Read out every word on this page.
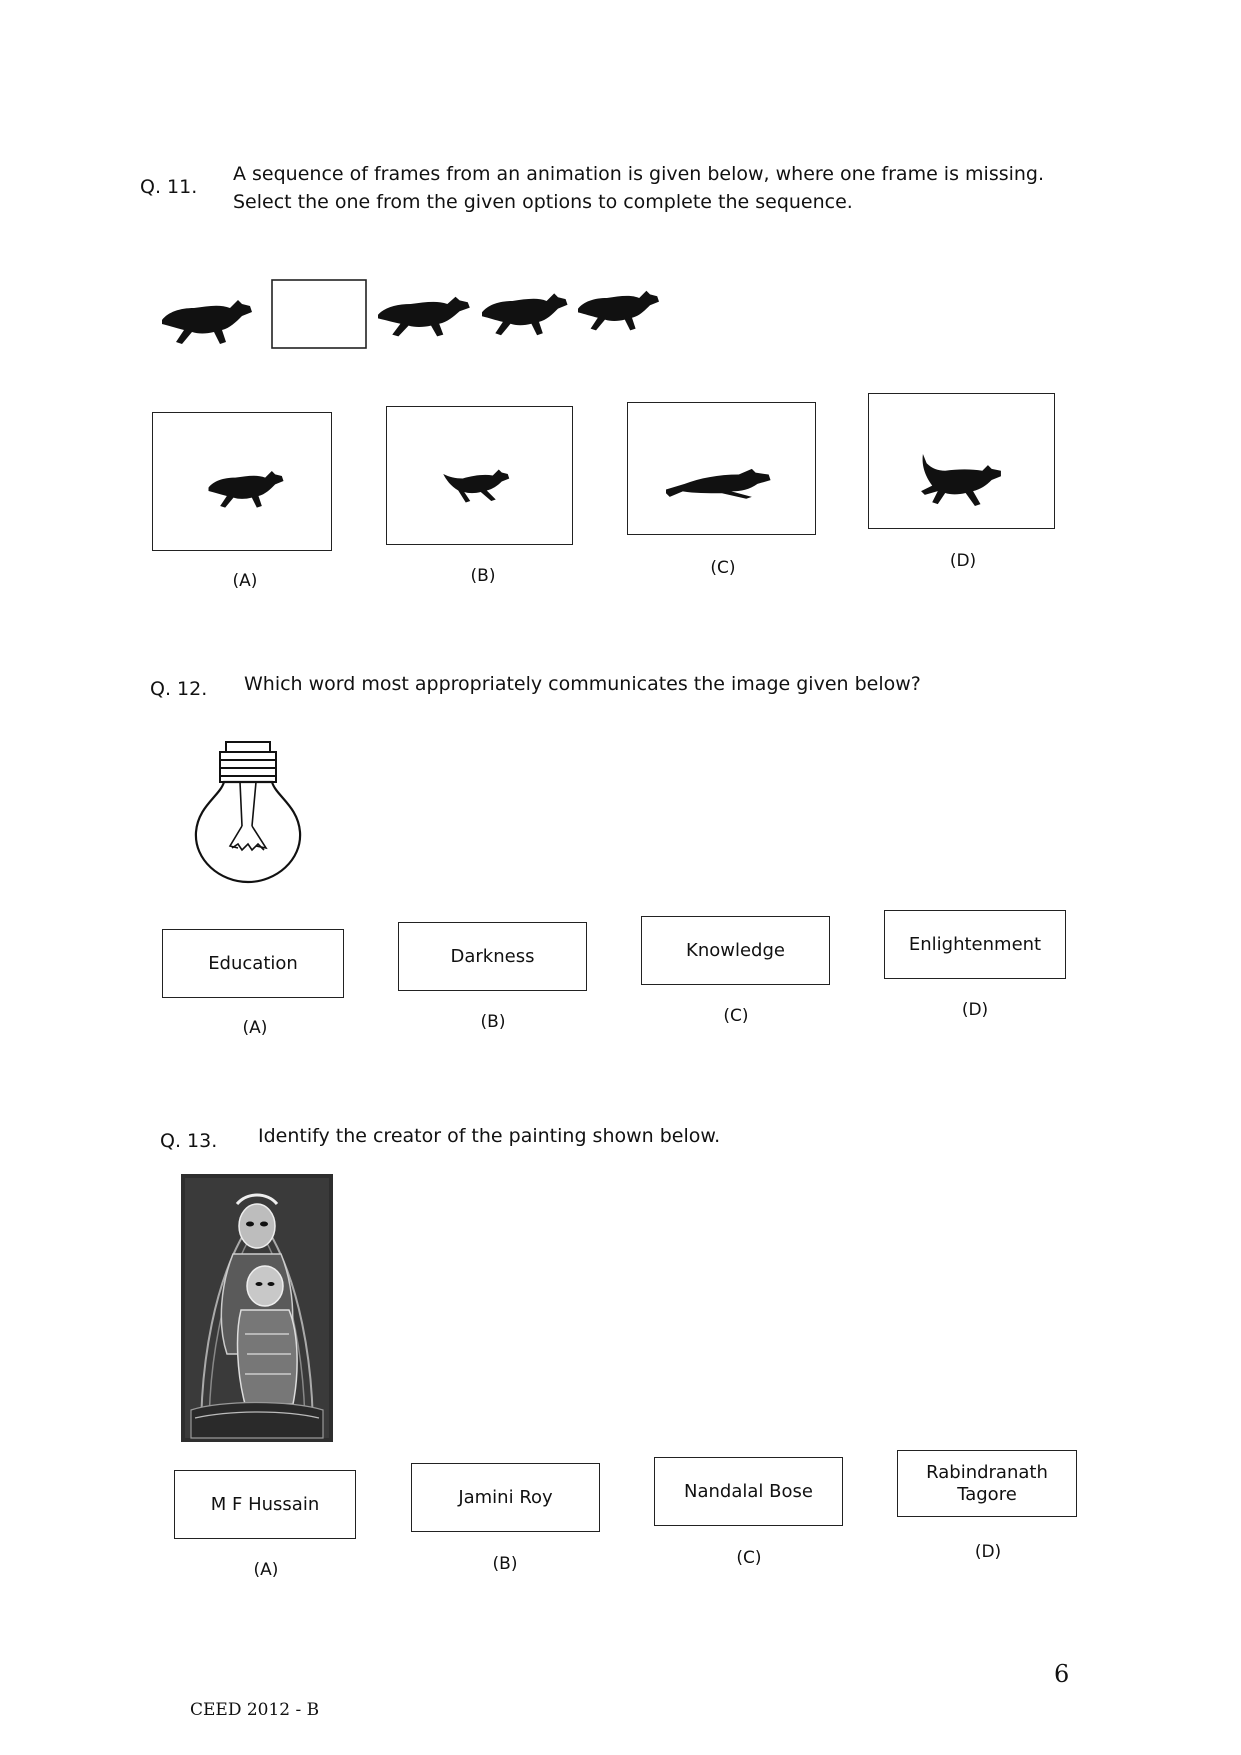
Q. 11.
A sequence of frames from an animation is given below, where one frame is missing. Select the one from the given options to complete the sequence.
(A)	(B)	(C)	(D)
Q. 12. Which word most appropriately communicates the image given below?
Education
(A)
Darkness
(B)
Knowledge
(C)
Enlightenment
(D)
Q. 13. Identify the creator of the painting shown below.
M F Hussain
(A)
Jamini Roy
(B)
Nandalal Bose
(C)
Rabindranath Tagore
(D)
CEED 2012 - B
6
